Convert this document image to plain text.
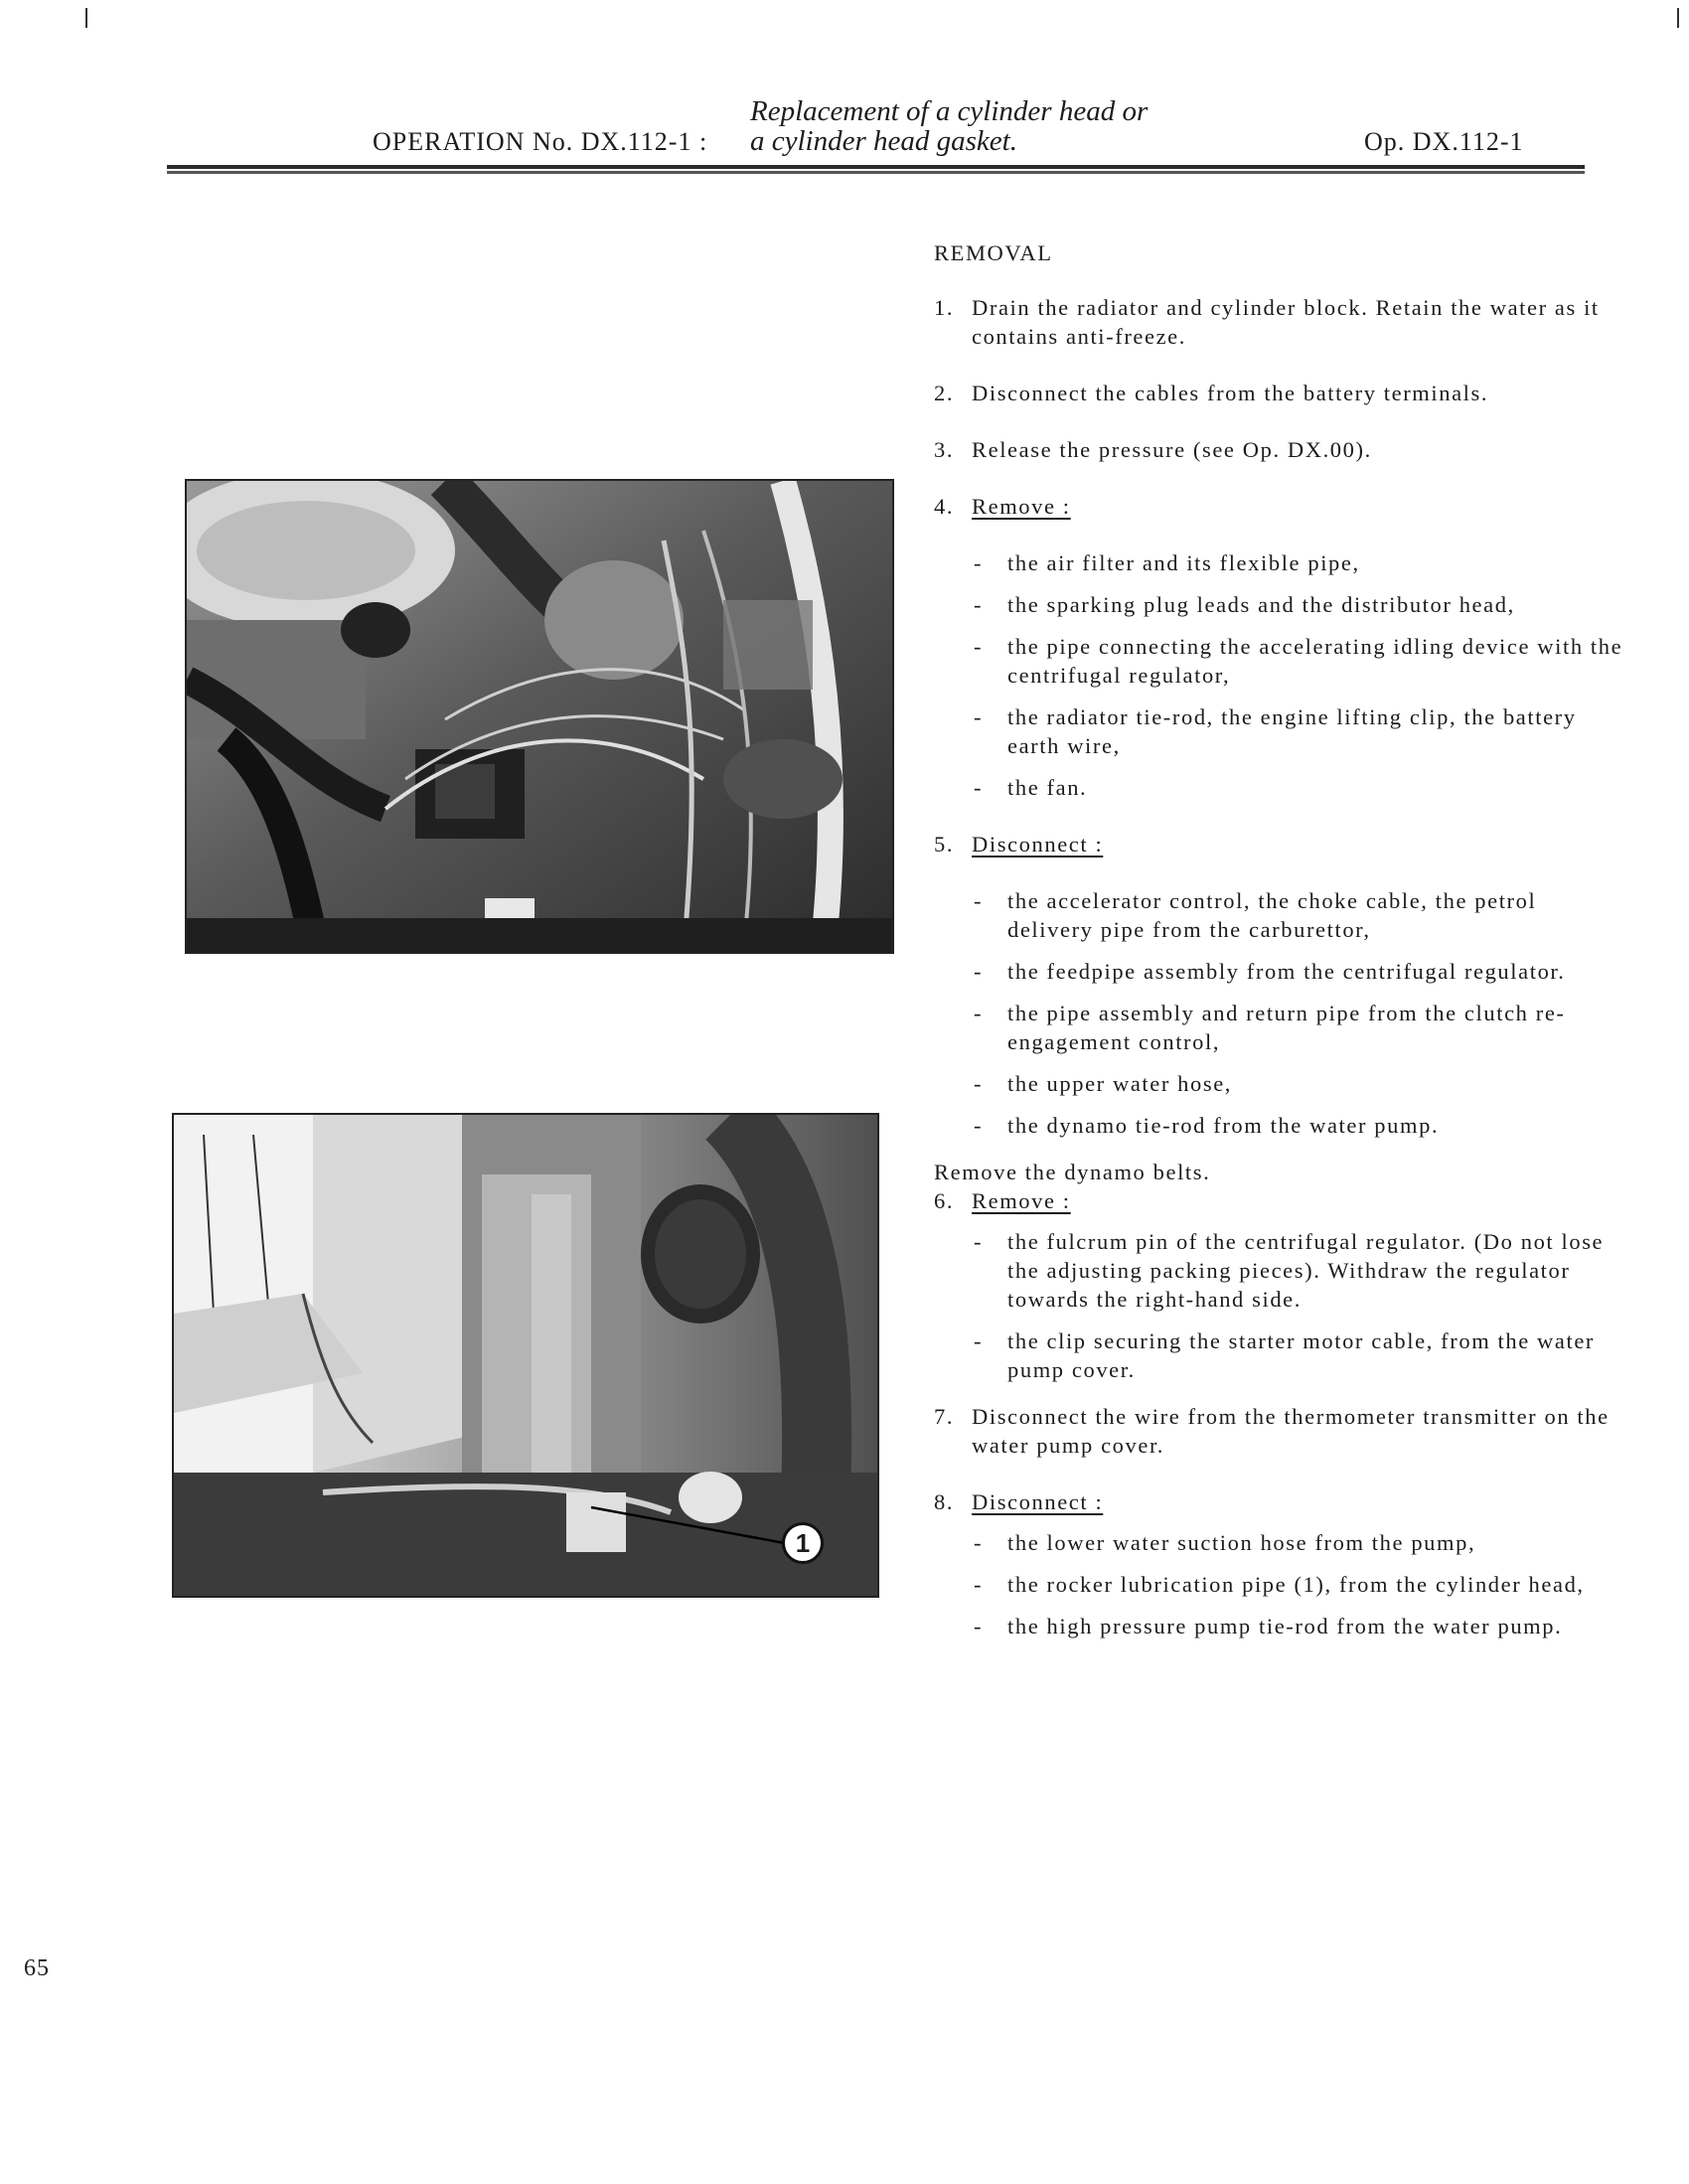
Replacement of a cylinder head or
OPERATION No. DX.112-1 : a cylinder head gasket.	Op. DX.112-1
1

REMOVAL

1. Drain the radiator and cylinder block. Retain the water as it contains anti-freeze.
2. Disconnect the cables from the battery terminals.
3. Release the pressure (see Op. DX.00).
4. Remove :
-	the air filter and its flexible pipe,
-	the sparking plug leads and the distributor head,
-	the pipe connecting the accelerating idling device with the centrifugal regulator,
-	the radiator tie-rod, the engine lifting clip, the battery earth wire,
-	the fan.
5. Disconnect :
-	the accelerator control, the choke cable, the petrol delivery pipe from the carburettor,
-	the feedpipe assembly from the centrifugal regulator.
-	the pipe assembly and return pipe from the clutch re-engagement control,
-	the upper water hose,
-	the dynamo tie-rod from the water pump.

Remove the dynamo belts.

6. Remove :
-	the fulcrum pin of the centrifugal regulator. (Do not lose the adjusting packing pieces). Withdraw the regulator towards the right-hand side.
-	the clip securing the starter motor cable, from the water pump cover.
7. Disconnect the wire from the thermometer transmitter on the water pump cover.
8. Disconnect :
-	the lower water suction hose from the pump,
-	the rocker lubrication pipe (1), from the cylinder head,
-	the high pressure pump tie-rod from the water pump.
65
